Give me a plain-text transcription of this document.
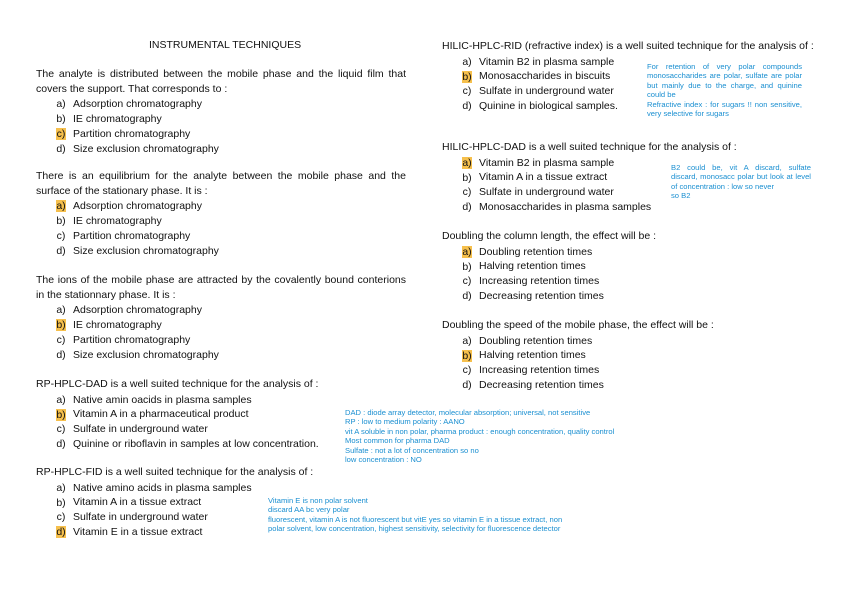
INSTRUMENTAL TECHNIQUES
The analyte is distributed between the mobile phase and the liquid film that covers the support. That corresponds to :
a) Adsorption chromatography
b) IE chromatography
c) Partition chromatography
d) Size exclusion chromatography
There is an equilibrium for the analyte between the mobile phase and the surface of the stationary phase. It is :
a) Adsorption chromatography
b) IE chromatography
c) Partition chromatography
d) Size exclusion chromatography
The ions of the mobile phase are attracted by the covalently bound conterions in the stationnary phase. It is :
a) Adsorption chromatography
b) IE chromatography
c) Partition chromatography
d) Size exclusion chromatography
RP-HPLC-DAD is a well suited technique for the analysis of :
a) Native amin oacids in plasma samples
b) Vitamin A in a pharmaceutical product
c) Sulfate in underground water
d) Quinine or riboflavin in samples at low concentration.
RP-HPLC-FID is a well suited technique for the analysis of :
a) Native amino acids in plasma samples
b) Vitamin A in a tissue extract
c) Sulfate in underground water
d) Vitamin E in a tissue extract
HILIC-HPLC-RID (refractive index) is a well suited technique for the analysis of :
a) Vitamin B2 in plasma sample
b) Monosaccharides in biscuits
c) Sulfate in underground water
d) Quinine in biological samples.
HILIC-HPLC-DAD is a well suited technique for the analysis of :
a) Vitamin B2 in plasma sample
b) Vitamin A in a tissue extract
c) Sulfate in underground water
d) Monosaccharides in plasma samples
Doubling the column length, the effect will be :
a) Doubling retention times
b) Halving retention times
c) Increasing retention times
d) Decreasing retention times
Doubling the speed of the mobile phase, the effect will be :
a) Doubling retention times
b) Halving retention times
c) Increasing retention times
d) Decreasing retention times
For retention of very polar compounds monosaccharides are polar, sulfate are polar but mainly due to the charge, and quinine could be
Refractive index : for sugars !! non sensitive, very selective for sugars
B2 could be, vit A discard, sulfate discard, monosacc polar but look at level of concentration : low so never
so B2
DAD : diode array detector, molecular absorption; universal, not sensitive
RP : low to medium polarity : AANO
vit A soluble in non polar, pharma product : enough concentration, quality control
Most common for pharma DAD
Sulfate : not a lot of concentration so no
low concentration : NO
Vitamin E is non polar solvent
discard AA bc very polar
fluorescent, vitamin A is not fluorescent but vitE yes so vitamin E in a tissue extract, non polar solvent, low concentration, highest sensitivity, selectivity for fluorescence detector
